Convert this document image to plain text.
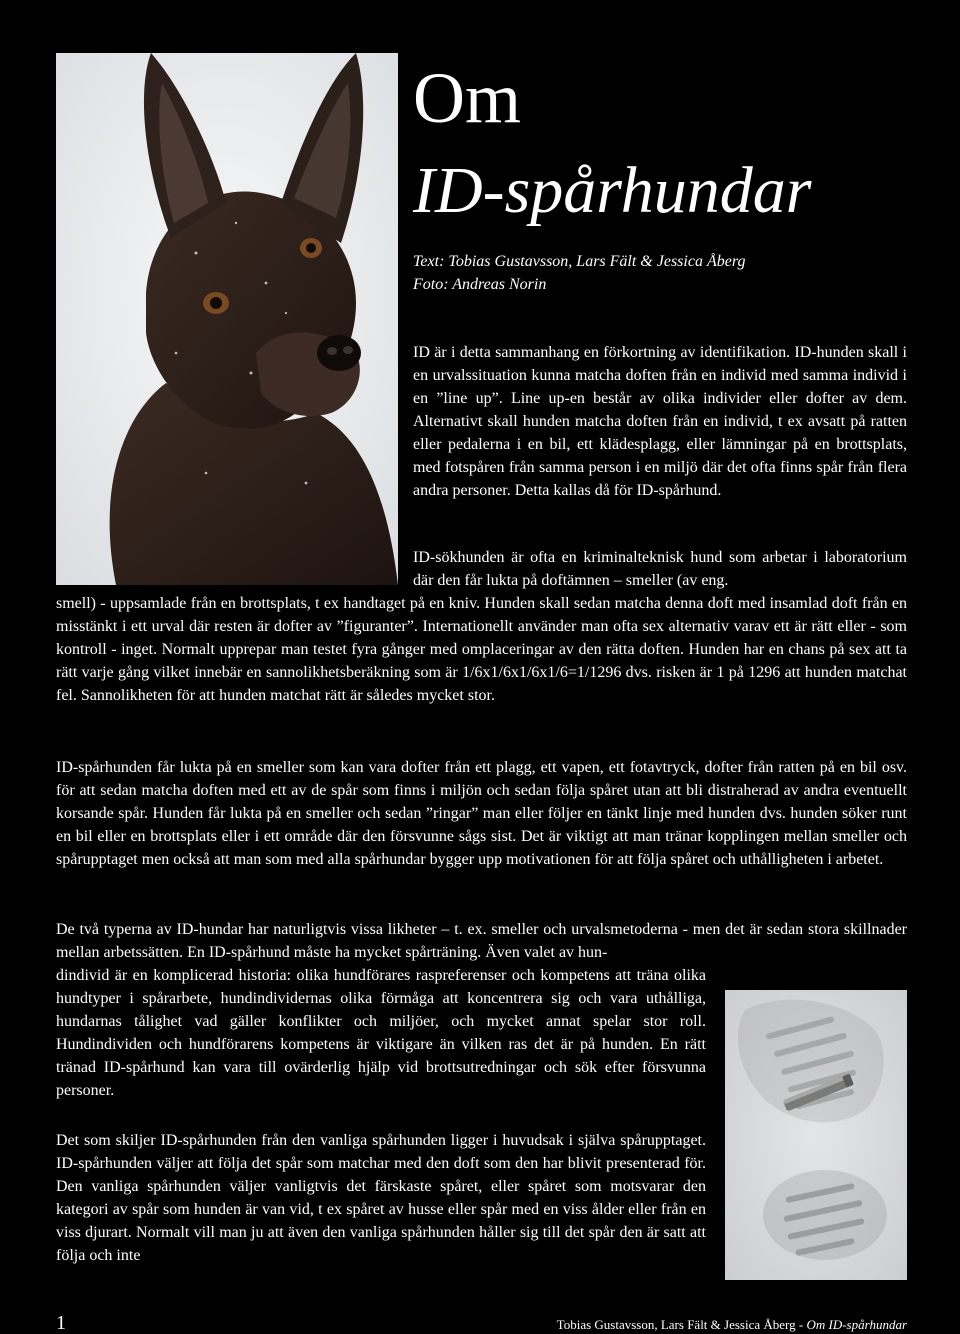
Om
ID-spårhundar
Text: Tobias Gustavsson, Lars Fält & Jessica Åberg
Foto: Andreas Norin

ID är i detta sammanhang en förkortning av identifikation. ID-hunden skall i en urvalssituation kunna matcha doften från en individ med samma individ i en ”line up”. Line up-en består av olika individer eller dofter av dem. Alternativt skall hunden matcha doften från en individ, t ex avsatt på ratten eller pedalerna i en bil, ett klädesplagg, eller lämningar på en brottsplats, med fotspåren från samma person i en miljö där det ofta finns spår från flera andra personer. Detta kallas då för ID-spårhund.

ID-sökhunden är ofta en kriminalteknisk hund som arbetar i laboratorium där den får lukta på doftämnen – smeller (av eng.

smell) - uppsamlade från en brottsplats, t ex handtaget på en kniv. Hunden skall sedan matcha denna doft med insamlad doft från en misstänkt i ett urval där resten är dofter av ”figuranter”. Internationellt använder man ofta sex alternativ varav ett är rätt eller - som kontroll - inget. Normalt upprepar man testet fyra gånger med omplaceringar av den rätta doften. Hunden har en chans på sex att ta rätt varje gång vilket innebär en sannolikhetsberäkning som är 1/6x1/6x1/6x1/6=1/1296 dvs. risken är 1 på 1296 att hunden matchat fel. Sannolikheten för att hunden matchat rätt är således mycket stor.

ID-spårhunden får lukta på en smeller som kan vara dofter från ett plagg, ett vapen, ett fotavtryck, dofter från ratten på en bil osv. för att sedan matcha doften med ett av de spår som finns i miljön och sedan följa spåret utan att bli distraherad av andra eventuellt korsande spår. Hunden får lukta på en smeller och sedan ”ringar” man eller följer en tänkt linje med hunden dvs. hunden söker runt en bil eller en brottsplats eller i ett område där den försvunne sågs sist. Det är viktigt att man tränar kopplingen mellan smeller och spårupptaget men också att man som med alla spårhundar bygger upp motivationen för att följa spåret och uthålligheten i arbetet.

De två typerna av ID-hundar har naturligtvis vissa likheter – t. ex. smeller och urvalsmetoderna - men det är sedan stora skillnader mellan arbetssätten. En ID-spårhund måste ha mycket spårträning. Även valet av hun-

dindivid är en komplicerad historia: olika hundförares raspreferenser och kompetens att träna olika hundtyper i spårarbete, hundindividernas olika förmåga att koncentrera sig och vara uthålliga, hundarnas tålighet vad gäller konflikter och miljöer, och mycket annat spelar stor roll. Hundindividen och hundförarens kompetens är viktigare än vilken ras det är på hunden. En rätt tränad ID-spårhund kan vara till ovärderlig hjälp vid brottsutredningar och sök efter försvunna personer.

Det som skiljer ID-spårhunden från den vanliga spårhunden ligger i huvudsak i själva spårupptaget. ID-spårhunden väljer att följa det spår som matchar med den doft som den har blivit presenterad för. Den vanliga spårhunden väljer vanligtvis det färskaste spåret, eller spåret som motsvarar den kategori av spår som hunden är van vid, t ex spåret av husse eller spår med en viss ålder eller från en viss djurart. Normalt vill man ju att även den vanliga spårhunden håller sig till det spår den är satt att följa och inte

1	Tobias Gustavsson, Lars Fält & Jessica Åberg - Om ID-spårhundar
